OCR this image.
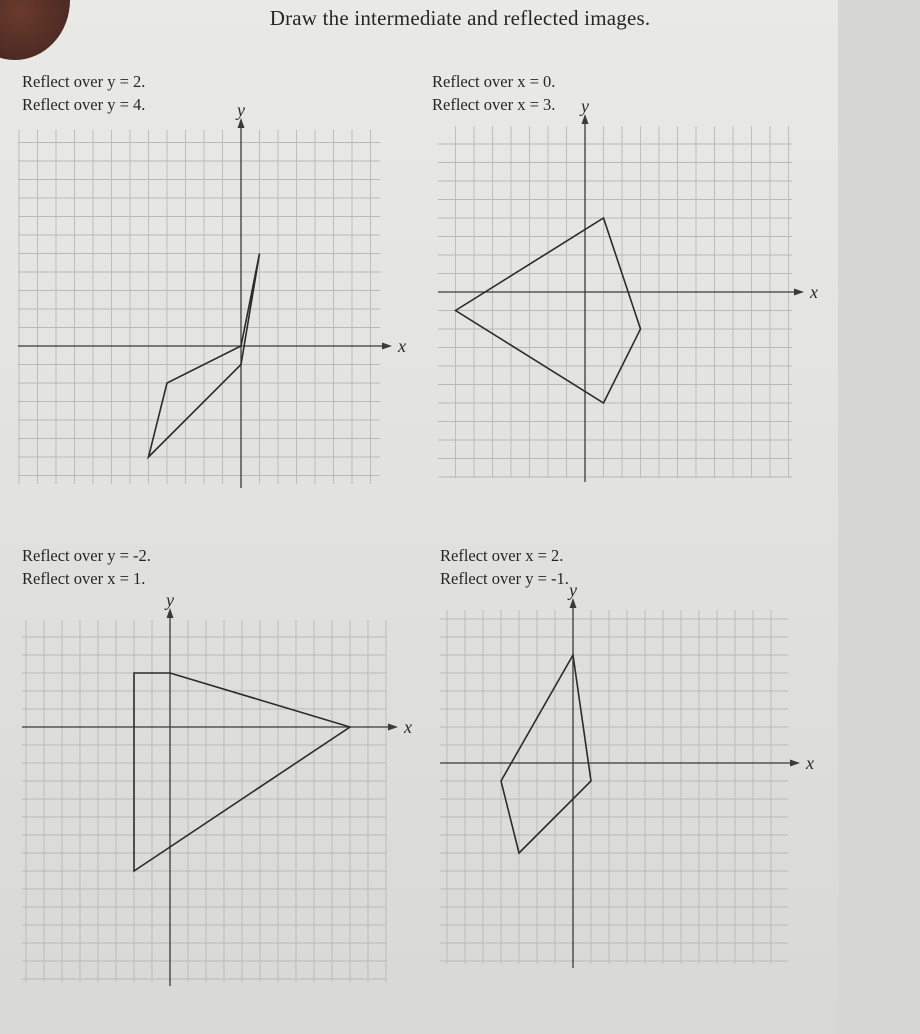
Draw the intermediate and reflected images.
Reflect over y = 2.
Reflect over y = 4.
x
y
Reflect over x = 0.
Reflect over x = 3.
x
y
Reflect over y = -2.
Reflect over x = 1.
x
y
Reflect over x = 2.
Reflect over y = -1.
x
y
